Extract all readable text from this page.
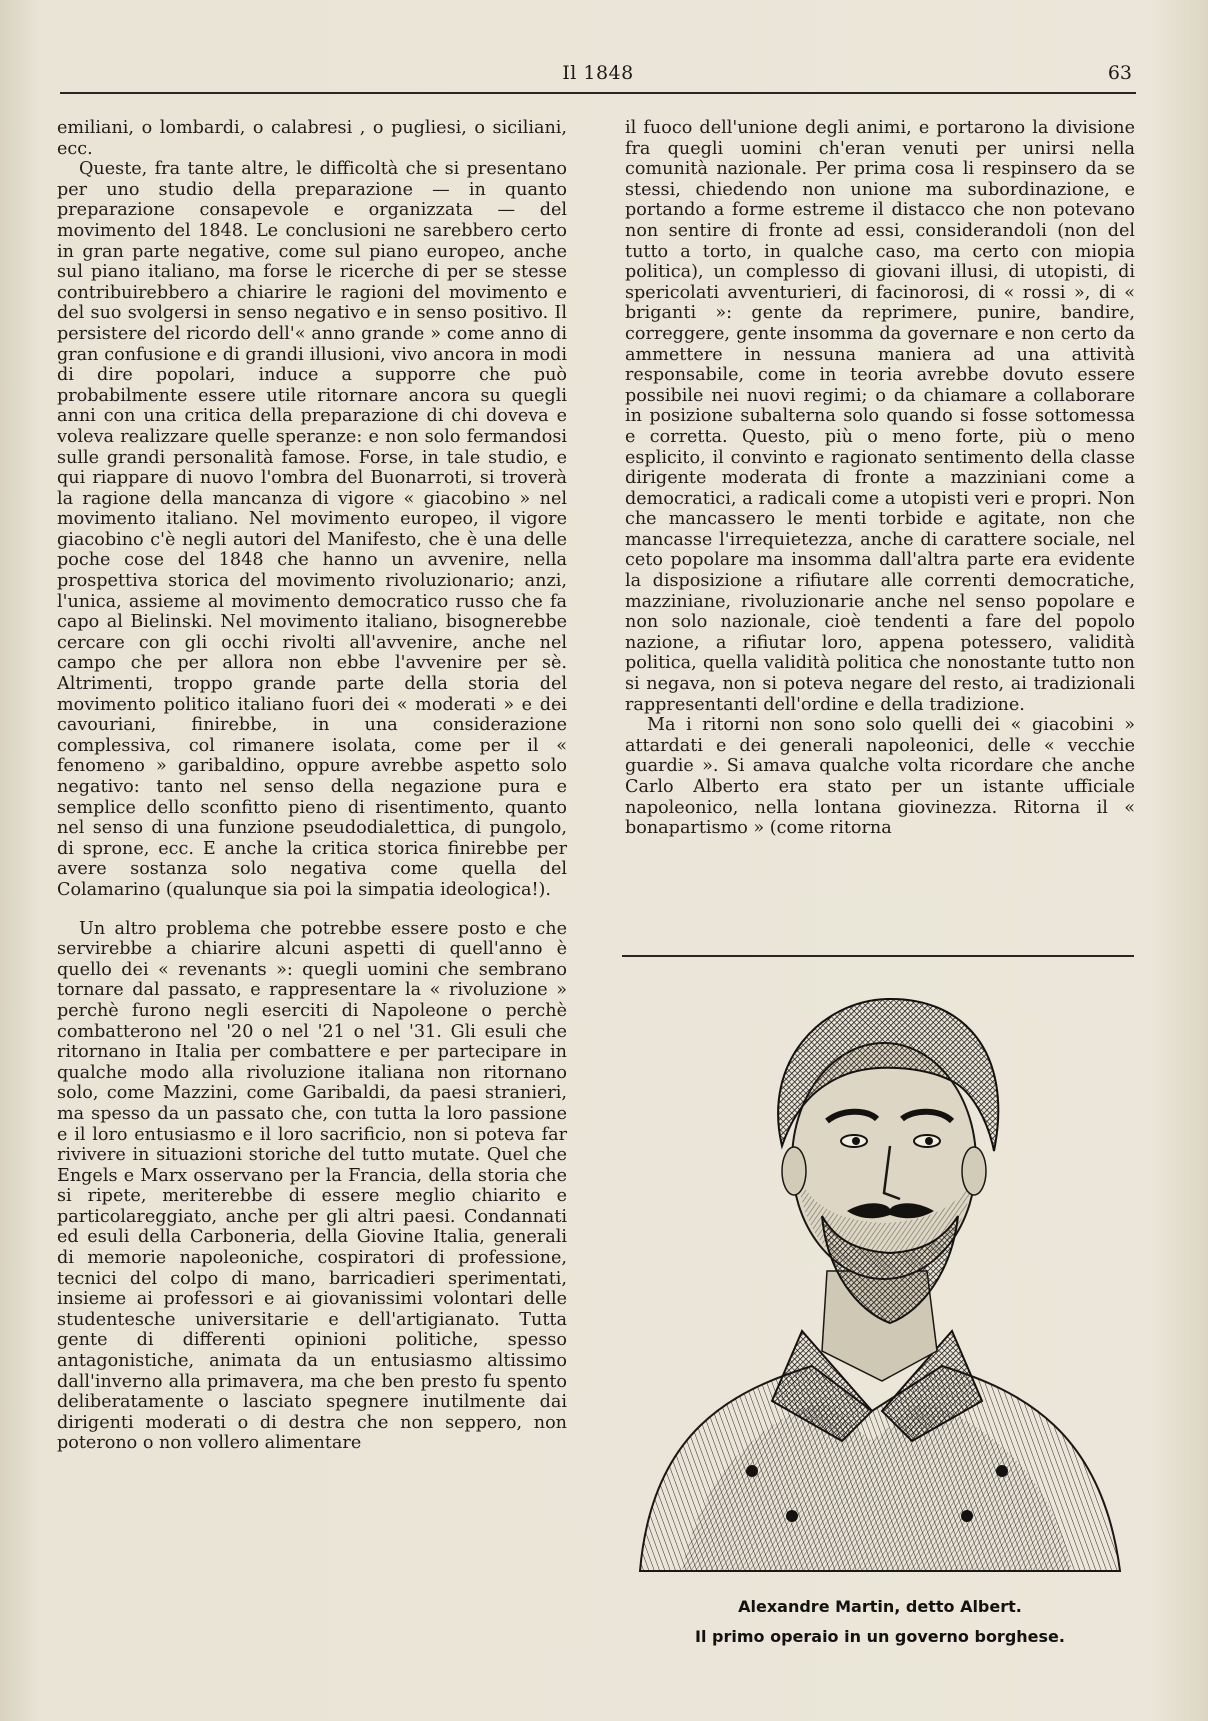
Il 1848	63

emiliani, o lombardi, o calabresi , o pugliesi, o siciliani, ecc.

Queste, fra tante altre, le difficoltà che si presentano per uno studio della preparazione — in quanto preparazione consapevole e organizzata — del movimento del 1848. Le conclusioni ne sarebbero certo in gran parte negative, come sul piano europeo, anche sul piano italiano, ma forse le ricerche di per se stesse contribuirebbero a chiarire le ragioni del movimento e del suo svolgersi in senso negativo e in senso positivo. Il persistere del ricordo dell'« anno grande » come anno di gran confusione e di grandi illusioni, vivo ancora in modi di dire popolari, induce a supporre che può probabilmente essere utile ritornare ancora su quegli anni con una critica della preparazione di chi doveva e voleva realizzare quelle speranze: e non solo fermandosi sulle grandi personalità famose. Forse, in tale studio, e qui riappare di nuovo l'ombra del Buonarroti, si troverà la ragione della mancanza di vigore « giacobino » nel movimento italiano. Nel movimento europeo, il vigore giacobino c'è negli autori del Manifesto, che è una delle poche cose del 1848 che hanno un avvenire, nella prospettiva storica del movimento rivoluzionario; anzi, l'unica, assieme al movimento democratico russo che fa capo al Bielinski. Nel movimento italiano, bisognerebbe cercare con gli occhi rivolti all'avvenire, anche nel campo che per allora non ebbe l'avvenire per sè. Altrimenti, troppo grande parte della storia del movimento politico italiano fuori dei « moderati » e dei cavouriani, finirebbe, in una considerazione complessiva, col rimanere isolata, come per il « fenomeno » garibaldino, oppure avrebbe aspetto solo negativo: tanto nel senso della negazione pura e semplice dello sconfitto pieno di risentimento, quanto nel senso di una funzione pseudodialettica, di pungolo, di sprone, ecc. E anche la critica storica finirebbe per avere sostanza solo negativa come quella del Colamarino (qualunque sia poi la simpatia ideologica!).

Un altro problema che potrebbe essere posto e che servirebbe a chiarire alcuni aspetti di quell'anno è quello dei « revenants »: quegli uomini che sembrano tornare dal passato, e rappresentare la « rivoluzione » perchè furono negli eserciti di Napoleone o perchè combatterono nel '20 o nel '21 o nel '31. Gli esuli che ritornano in Italia per combattere e per partecipare in qualche modo alla rivoluzione italiana non ritornano solo, come Mazzini, come Garibaldi, da paesi stranieri, ma spesso da un passato che, con tutta la loro passione e il loro entusiasmo e il loro sacrificio, non si poteva far rivivere in situazioni storiche del tutto mutate. Quel che Engels e Marx osservano per la Francia, della storia che si ripete, meriterebbe di essere meglio chiarito e particolareggiato, anche per gli altri paesi. Condannati ed esuli della Carboneria, della Giovine Italia, generali di memorie napoleoniche, cospiratori di professione, tecnici del colpo di mano, barricadieri sperimentati, insieme ai professori e ai giovanissimi volontari delle studentesche universitarie e dell'artigianato. Tutta gente di differenti opinioni politiche, spesso antagonistiche, animata da un entusiasmo altissimo dall'inverno alla primavera, ma che ben presto fu spento deliberatamente o lasciato spegnere inutilmente dai dirigenti moderati o di destra che non seppero, non poterono o non vollero alimentare

il fuoco dell'unione degli animi, e portarono la divisione fra quegli uomini ch'eran venuti per unirsi nella comunità nazionale. Per prima cosa li respinsero da se stessi, chiedendo non unione ma subordinazione, e portando a forme estreme il distacco che non potevano non sentire di fronte ad essi, considerandoli (non del tutto a torto, in qualche caso, ma certo con miopia politica), un complesso di giovani illusi, di utopisti, di spericolati avventurieri, di facinorosi, di « rossi », di « briganti »: gente da reprimere, punire, bandire, correggere, gente insomma da governare e non certo da ammettere in nessuna maniera ad una attività responsabile, come in teoria avrebbe dovuto essere possibile nei nuovi regimi; o da chiamare a collaborare in posizione subalterna solo quando si fosse sottomessa e corretta. Questo, più o meno forte, più o meno esplicito, il convinto e ragionato sentimento della classe dirigente moderata di fronte a mazziniani come a democratici, a radicali come a utopisti veri e propri. Non che mancassero le menti torbide e agitate, non che mancasse l'irrequietezza, anche di carattere sociale, nel ceto popolare ma insomma dall'altra parte era evidente la disposizione a rifiutare alle correnti democratiche, mazziniane, rivoluzionarie anche nel senso popolare e non solo nazionale, cioè tendenti a fare del popolo nazione, a rifiutar loro, appena potessero, validità politica, quella validità politica che nonostante tutto non si negava, non si poteva negare del resto, ai tradizionali rappresentanti dell'ordine e della tradizione.

Ma i ritorni non sono solo quelli dei « giacobini » attardati e dei generali napoleonici, delle « vecchie guardie ». Si amava qualche volta ricordare che anche Carlo Alberto era stato per un istante ufficiale napoleonico, nella lontana giovinezza. Ritorna il « bonapartismo » (come ritorna

Alexandre Martin, detto Albert.
Il primo operaio in un governo borghese.
